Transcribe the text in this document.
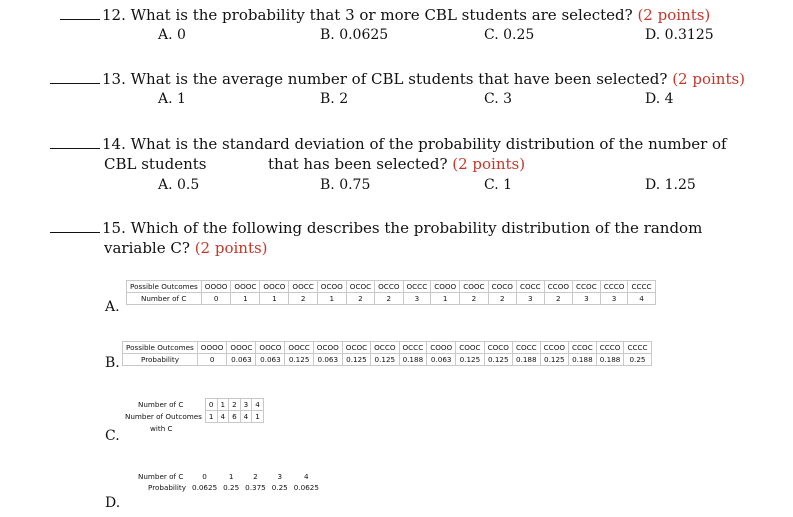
12. What is the probability that 3 or more CBL students are selected? (2 points)
A. 0	B. 0.0625	C. 0.25	D. 0.3125
13. What is the average number of CBL students that have been selected? (2 points)
A. 1	B. 2	C. 3	D. 4
14. What is the standard deviation of the probability distribution of the number of
CBL students	that has been selected? (2 points)
A. 0.5	B. 0.75	C. 1	D. 1.25
15. Which of the following describes the probability distribution of the random
variable C? (2 points)
A.
B.
C.
D.
Possible Outcomes	OOOO	OOOC	OOCO	OOCC	OCOO	OCOC	OCCO	OCCC	COOO	COOC	COCO	COCC	CCOO	CCOC	CCCO	CCCC
Number of C	0	1	1	2	1	2	2	3	1	2	2	3	2	3	3	4
Possible Outcomes	OOOO	OOOC	OOCO	OOCC	OCOO	OCOC	OCCO	OCCC	COOO	COOC	COCO	COCC	CCOO	CCOC	CCCO	CCCC
Probability	0	0.063	0.063	0.125	0.063	0.125	0.125	0.188	0.063	0.125	0.125	0.188	0.125	0.188	0.188	0.25
Number of C	0	1	2	3	4
Number of Outcomes	1	4	6	4	1
with C					
Number of C	0	1	2	3	4
Probability	0.0625	0.25	0.375	0.25	0.0625
